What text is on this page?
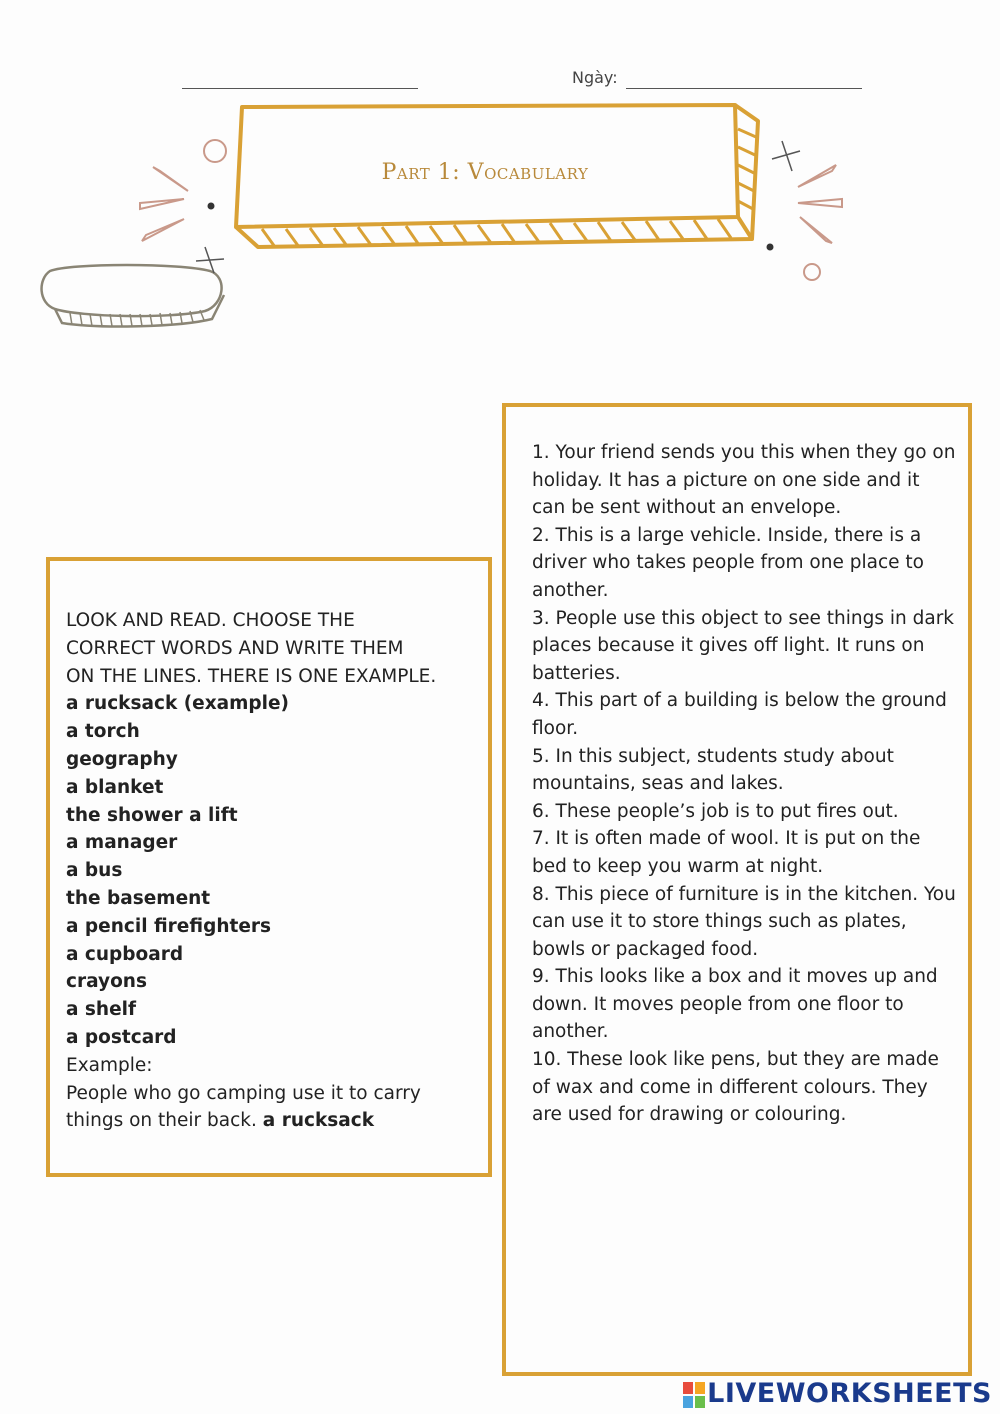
Ngày:
Part 1: Vocabulary

LOOK AND READ. CHOOSE THE

CORRECT WORDS AND WRITE THEM

ON THE LINES. THERE IS ONE EXAMPLE.

a rucksack (example)

a torch

geography

a blanket

the shower a lift

a manager

a bus

the basement

a pencil firefighters

a cupboard

crayons

a shelf

a postcard

Example:

People who go camping use it to carry

things on their back. a rucksack

1. Your friend sends you this when they go on holiday. It has a picture on one side and it can be sent without an envelope.

2. This is a large vehicle. Inside, there is a driver who takes people from one place to another.

3. People use this object to see things in dark places because it gives off light. It runs on batteries.

4. This part of a building is below the ground floor.

5. In this subject, students study about mountains, seas and lakes.

6. These people’s job is to put fires out.

7. It is often made of wool. It is put on the bed to keep you warm at night.

8. This piece of furniture is in the kitchen. You can use it to store things such as plates, bowls or packaged food.

9. This looks like a box and it moves up and down. It moves people from one floor to another.

10. These look like pens, but they are made of wax and come in different colours. They are used for drawing or colouring.

LIVEWORKSHEETS
